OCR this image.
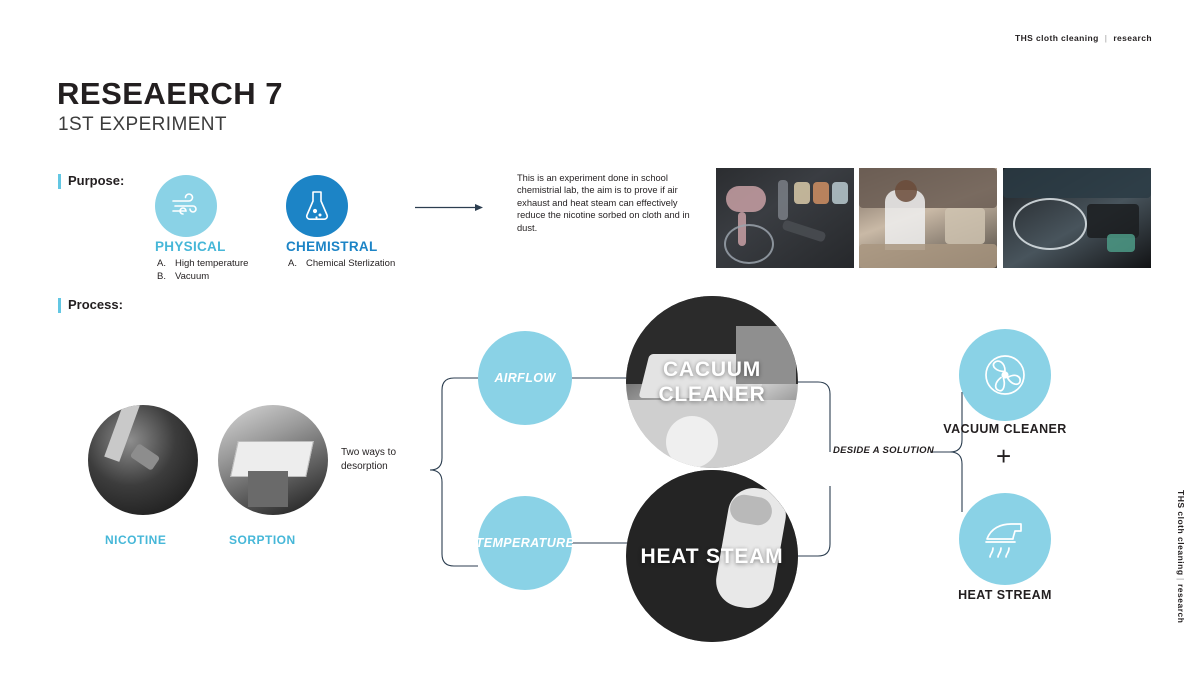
THS cloth cleaning | research
THS cloth cleaning | research
RESEAERCH 7
1ST EXPERIMENT
Purpose:
PHYSICAL	CHEMISTRAL
A. High temperature
B. Vacuum
A. Chemical Sterlization
This is an experiment done in school chemistrial lab, the aim is to prove if air exhaust and heat steam can effectively reduce the nicotine sorbed on cloth and in dust.
Process:
NICOTINE	SORPTION
Two ways to desorption
AIRFLOW
TEMPERATURE
CACUUM CLEANER
HEAT STEAM
DESIDE A SOLUTION
VACUUM CLEANER
HEAT STREAM
+
